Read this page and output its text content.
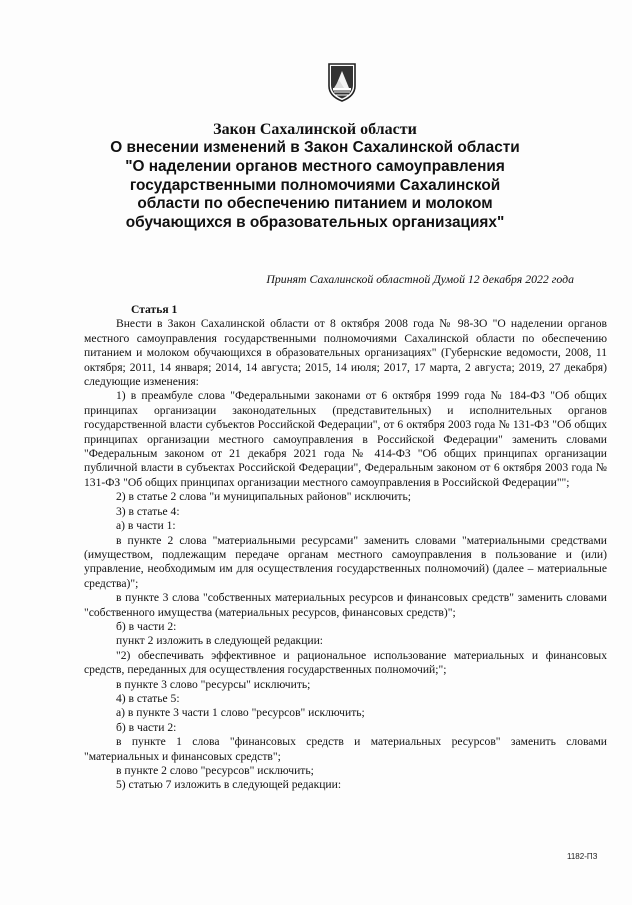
Закон Сахалинской области
О внесении изменений в Закон Сахалинской области "О наделении органов местного самоуправления государственными полномочиями Сахалинской области по обеспечению питанием и молоком обучающихся в образовательных организациях"
Принят Сахалинской областной Думой 12 декабря 2022 года

Статья 1

Внести в Закон Сахалинской области от 8 октября 2008 года № 98-ЗО "О наделении органов местного самоуправления государственными полномочиями Сахалинской области по обеспечению питанием и молоком обучающихся в образовательных организациях" (Губернские ведомости, 2008, 11 октября; 2011, 14 января; 2014, 14 августа; 2015, 14 июля; 2017, 17 марта, 2 августа; 2019, 27 декабря) следующие изменения:

1) в преамбуле слова "Федеральными законами от 6 октября 1999 года № 184-ФЗ "Об общих принципах организации законодательных (представительных) и исполнительных органов государственной власти субъектов Российской Федерации", от 6 октября 2003 года № 131-ФЗ "Об общих принципах организации местного самоуправления в Российской Федерации" заменить словами "Федеральным законом от 21 декабря 2021 года № 414-ФЗ "Об общих принципах организации публичной власти в субъектах Российской Федерации", Федеральным законом от 6 октября 2003 года № 131-ФЗ "Об общих принципах организации местного самоуправления в Российской Федерации"";

2) в статье 2 слова "и муниципальных районов" исключить;

3) в статье 4:

а) в части 1:

в пункте 2 слова "материальными ресурсами" заменить словами "материальными средствами (имуществом, подлежащим передаче органам местного самоуправления в пользование и (или) управление, необходимым им для осуществления государственных полномочий) (далее – материальные средства)";

в пункте 3 слова "собственных материальных ресурсов и финансовых средств" заменить словами "собственного имущества (материальных ресурсов, финансовых средств)";

б) в части 2:

пункт 2 изложить в следующей редакции:

"2) обеспечивать эффективное и рациональное использование материальных и финансовых средств, переданных для осуществления государственных полномочий;";

в пункте 3 слово "ресурсы" исключить;

4) в статье 5:

а) в пункте 3 части 1 слово "ресурсов" исключить;

б) в части 2:

в пункте 1 слова "финансовых средств и материальных ресурсов" заменить словами "материальных и финансовых средств";

в пункте 2 слово "ресурсов" исключить;

5) статью 7 изложить в следующей редакции:

1182-ПЗ
